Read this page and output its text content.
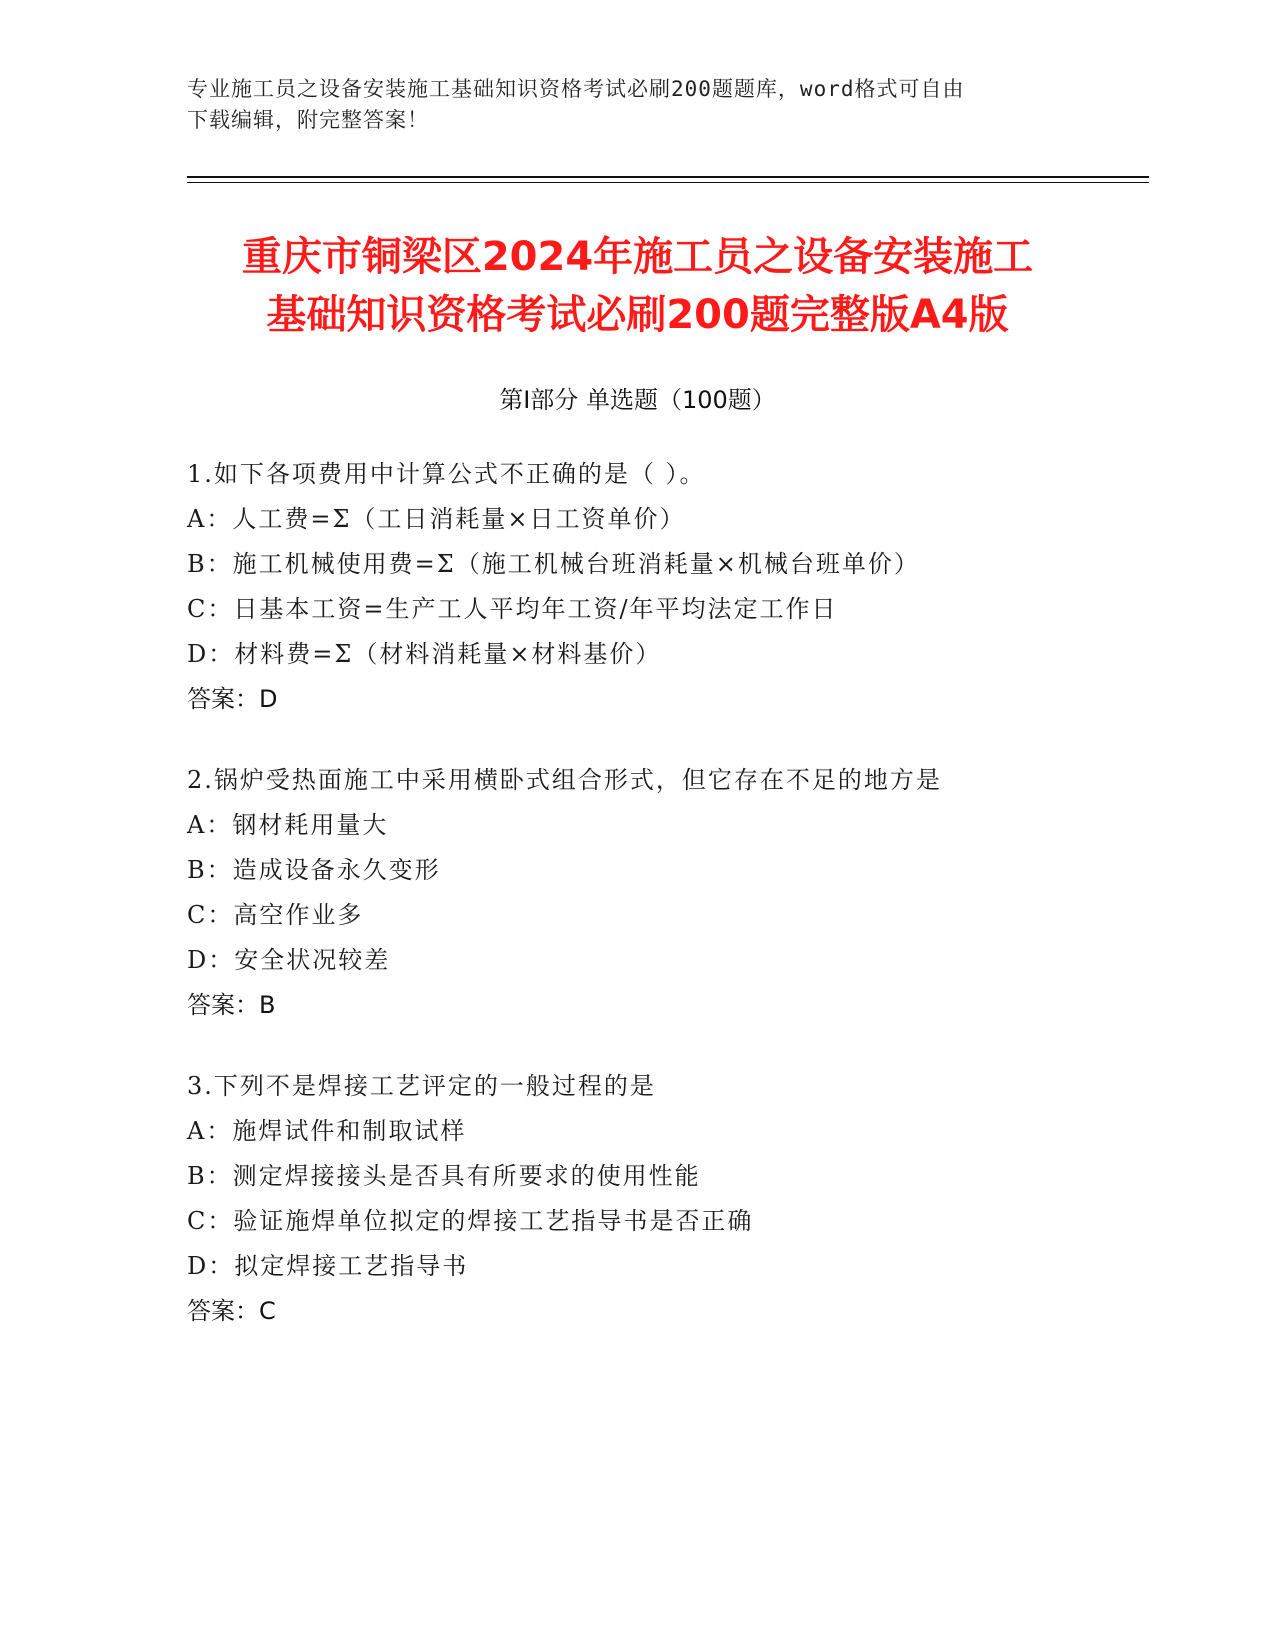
专业施工员之设备安装施工基础知识资格考试必刷200题题库，word格式可自由
下载编辑，附完整答案！
重庆市铜梁区2024年施工员之设备安装施工
基础知识资格考试必刷200题完整版A4版
第Ⅰ部分 单选题（100题）
1.如下各项费用中计算公式不正确的是（ ）。
A：人工费=Σ（工日消耗量×日工资单价）
B：施工机械使用费=Σ（施工机械台班消耗量×机械台班单价）
C：日基本工资=生产工人平均年工资/年平均法定工作日
D：材料费=Σ（材料消耗量×材料基价）
答案：D
2.锅炉受热面施工中采用横卧式组合形式，但它存在不足的地方是
A：钢材耗用量大
B：造成设备永久变形
C：高空作业多
D：安全状况较差
答案：B
3.下列不是焊接工艺评定的一般过程的是
A：施焊试件和制取试样
B：测定焊接接头是否具有所要求的使用性能
C：验证施焊单位拟定的焊接工艺指导书是否正确
D：拟定焊接工艺指导书
答案：C
